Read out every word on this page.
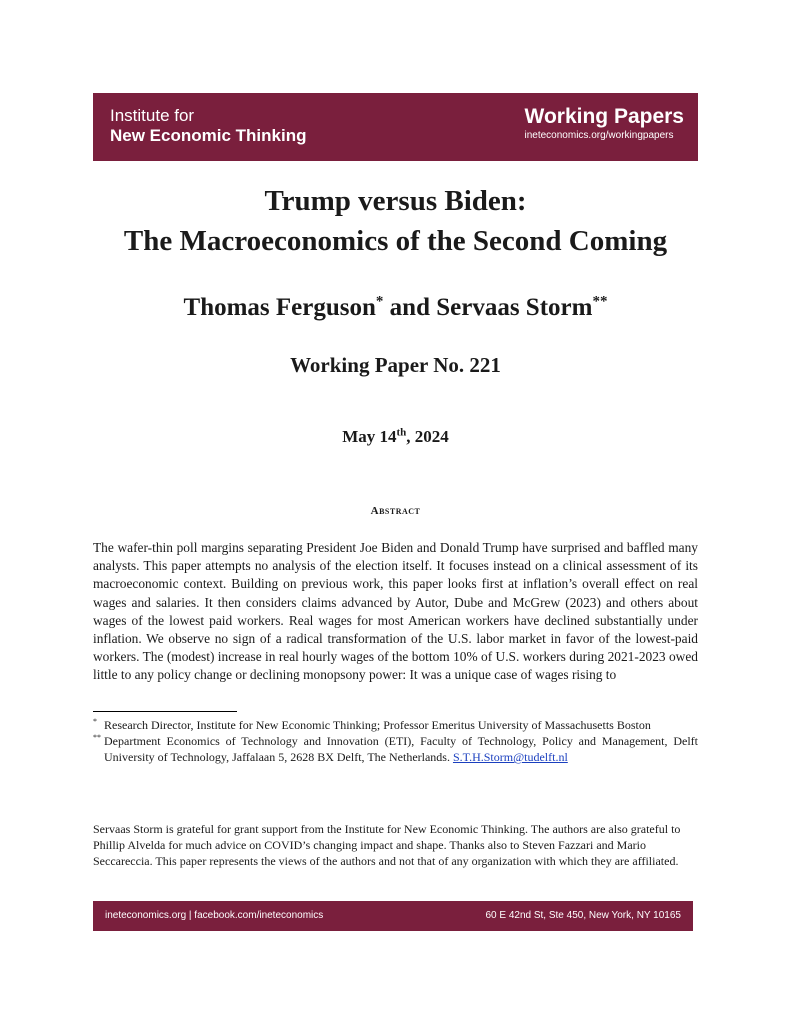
Institute for
New Economic Thinking
Working Papers
ineteconomics.org/workingpapers
Trump versus Biden:
The Macroeconomics of the Second Coming
Thomas Ferguson* and Servaas Storm**
Working Paper No. 221
May 14th, 2024
Abstract
The wafer-thin poll margins separating President Joe Biden and Donald Trump have surprised and baffled many analysts. This paper attempts no analysis of the election itself. It focuses instead on a clinical assessment of its macroeconomic context. Building on previous work, this paper looks first at inflation’s overall effect on real wages and salaries. It then considers claims advanced by Autor, Dube and McGrew (2023) and others about wages of the lowest paid workers. Real wages for most American workers have declined substantially under inflation. We observe no sign of a radical transformation of the U.S. labor market in favor of the lowest-paid workers. The (modest) increase in real hourly wages of the bottom 10% of U.S. workers during 2021-2023 owed little to any policy change or declining monopsony power: It was a unique case of wages rising to
* Research Director, Institute for New Economic Thinking; Professor Emeritus University of Massachusetts Boston
** Department Economics of Technology and Innovation (ETI), Faculty of Technology, Policy and Management, Delft University of Technology, Jaffalaan 5, 2628 BX Delft, The Netherlands. S.T.H.Storm@tudelft.nl
Servaas Storm is grateful for grant support from the Institute for New Economic Thinking. The authors are also grateful to Phillip Alvelda for much advice on COVID’s changing impact and shape. Thanks also to Steven Fazzari and Mario Seccareccia. This paper represents the views of the authors and not that of any organization with which they are affiliated.
ineteconomics.org | facebook.com/ineteconomics	60 E 42nd St, Ste 450, New York, NY 10165
